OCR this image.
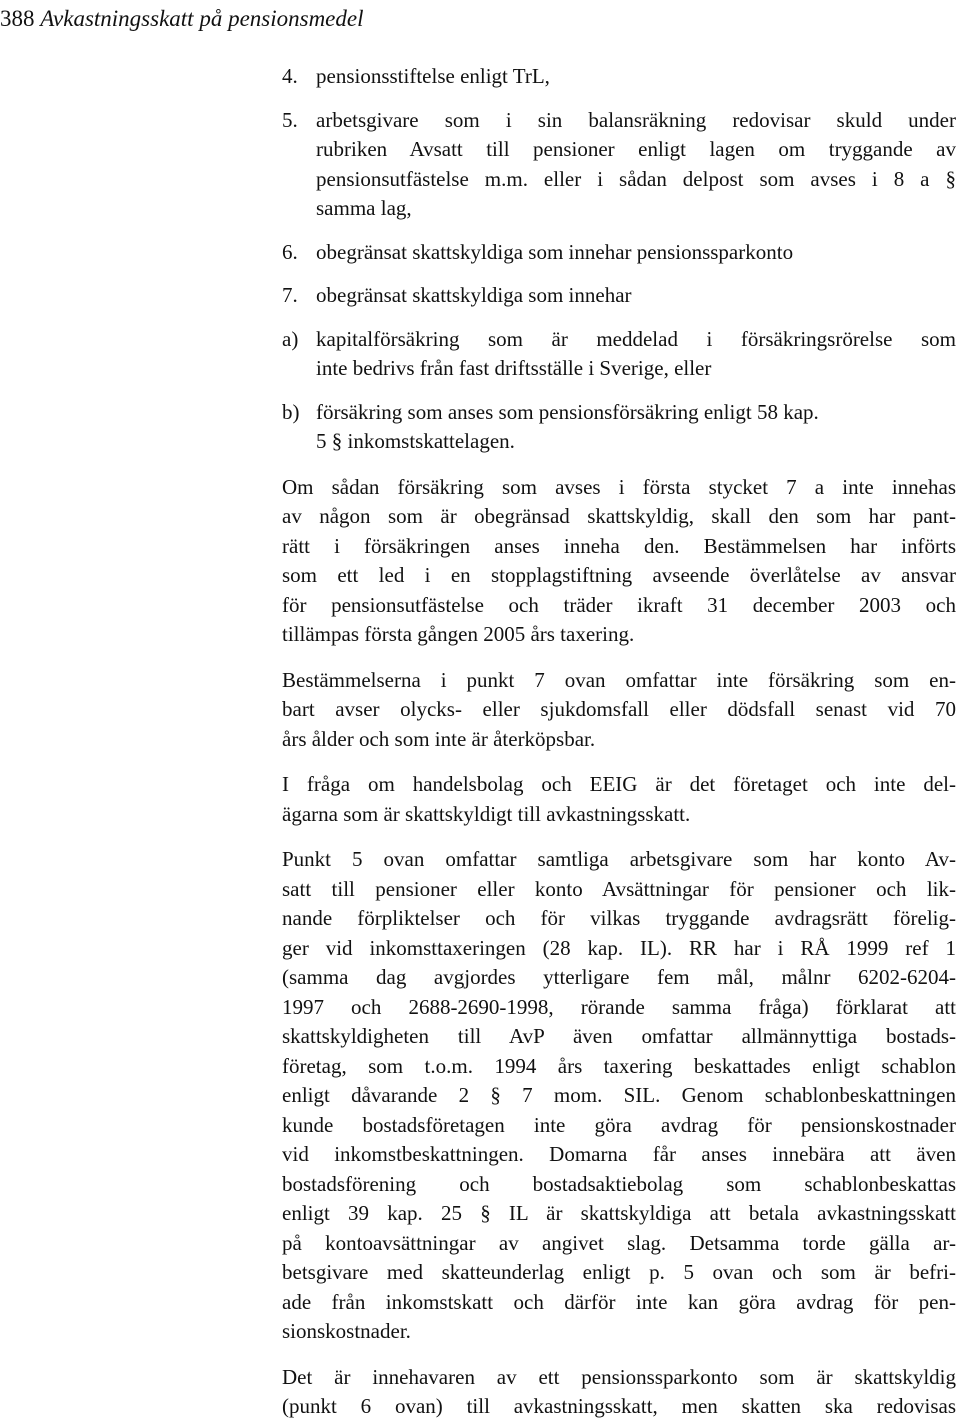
388 Avkastningsskatt på pensionsmedel
4. pensionsstiftelse enligt TrL,
5. arbetsgivare som i sin balansräkning redovisar skuld under
rubriken Avsatt till pensioner enligt lagen om tryggande av
pensionsutfästelse m.m. eller i sådan delpost som avses i 8 a §
samma lag,
6. obegränsat skattskyldiga som innehar pensionssparkonto
7. obegränsat skattskyldiga som innehar
a) kapitalförsäkring som är meddelad i försäkringsrörelse som
inte bedrivs från fast driftsställe i Sverige, eller
b) försäkring som anses som pensionsförsäkring enligt 58 kap.
5 § inkomstskattelagen.
Om sådan försäkring som avses i första stycket 7 a inte innehas
av någon som är obegränsad skattskyldig, skall den som har pant-
rätt i försäkringen anses inneha den. Bestämmelsen har införts
som ett led i en stopplagstiftning avseende överlåtelse av ansvar
för pensionsutfästelse och träder ikraft 31 december 2003 och
tillämpas första gången 2005 års taxering.
Bestämmelserna i punkt 7 ovan omfattar inte försäkring som en-
bart avser olycks- eller sjukdomsfall eller dödsfall senast vid 70
års ålder och som inte är återköpsbar.
I fråga om handelsbolag och EEIG är det företaget och inte del-
ägarna som är skattskyldigt till avkastningsskatt.
Punkt 5 ovan omfattar samtliga arbetsgivare som har konto Av-
satt till pensioner eller konto Avsättningar för pensioner och lik-
nande förpliktelser och för vilkas tryggande avdragsrätt förelig-
ger vid inkomsttaxeringen (28 kap. IL). RR har i RÅ 1999 ref 1
(samma dag avgjordes ytterligare fem mål, målnr 6202-6204-
1997 och 2688-2690-1998, rörande samma fråga) förklarat att
skattskyldigheten till AvP även omfattar allmännyttiga bostads-
företag, som t.o.m. 1994 års taxering beskattades enligt schablon
enligt dåvarande 2 § 7 mom. SIL. Genom schablonbeskattningen
kunde bostadsföretagen inte göra avdrag för pensionskostnader
vid inkomstbeskattningen. Domarna får anses innebära att även
bostadsförening och bostadsaktiebolag som schablonbeskattas
enligt 39 kap. 25 § IL är skattskyldiga att betala avkastningsskatt
på kontoavsättningar av angivet slag. Detsamma torde gälla ar-
betsgivare med skatteunderlag enligt p. 5 ovan och som är befri-
ade från inkomstskatt och därför inte kan göra avdrag för pen-
sionskostnader.
Det är innehavaren av ett pensionssparkonto som är skattskyldig
(punkt 6 ovan) till avkastningsskatt, men skatten ska redovisas
